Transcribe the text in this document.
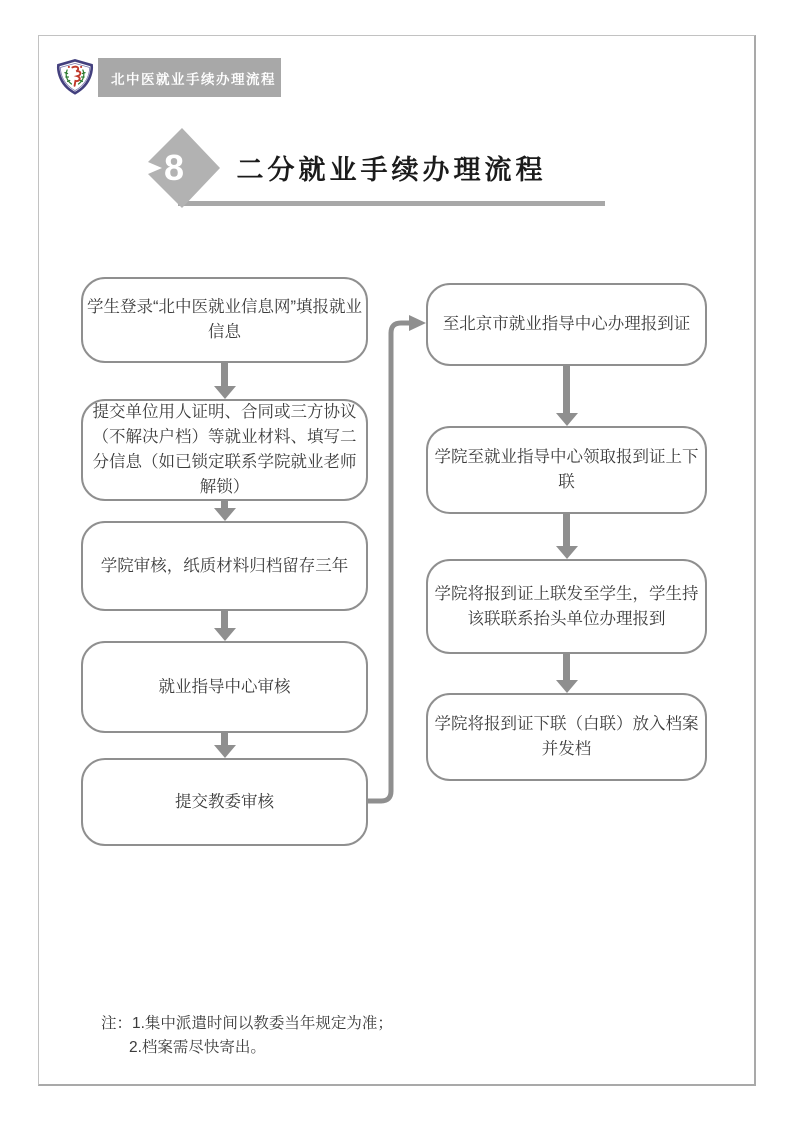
北中医就业手续办理流程
二分就业手续办理流程
8
学生登录“北中医就业信息网”填报就业信息
提交单位用人证明、合同或三方协议（不解决户档）等就业材料、填写二分信息（如已锁定联系学院就业老师解锁）
学院审核，纸质材料归档留存三年
就业指导中心审核
提交教委审核
至北京市就业指导中心办理报到证
学院至就业指导中心领取报到证上下联
学院将报到证上联发至学生，学生持该联联系抬头单位办理报到
学院将报到证下联（白联）放入档案并发档
注：1.集中派遣时间以教委当年规定为准；
2.档案需尽快寄出。
